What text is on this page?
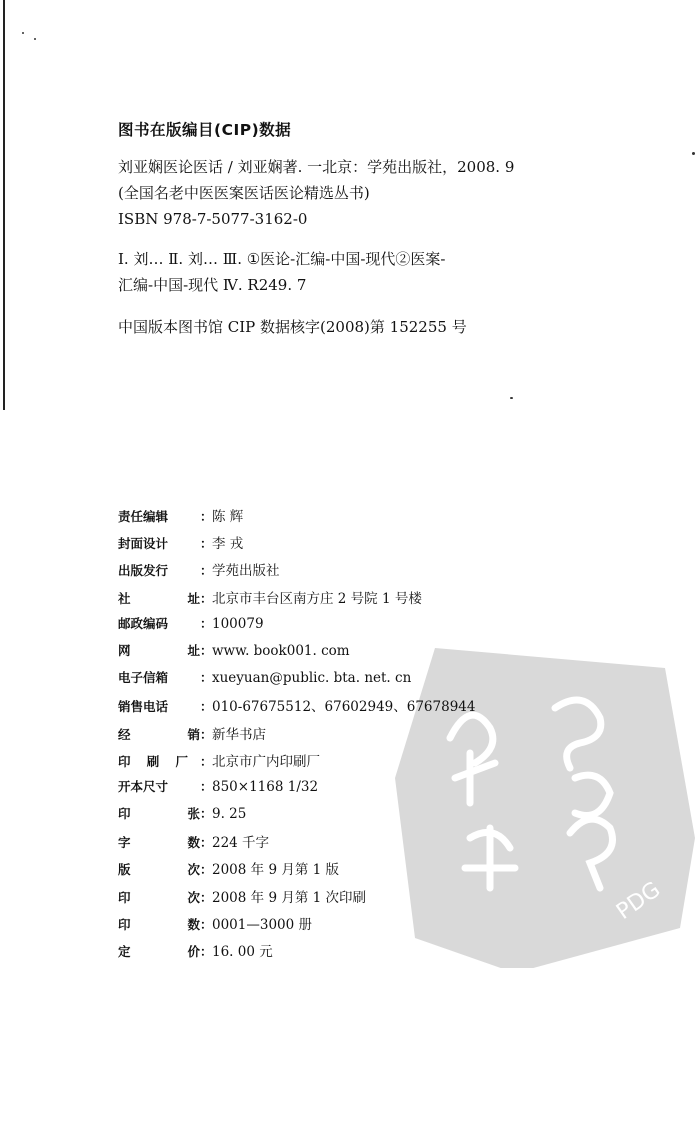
图书在版编目(CIP)数据
刘亚娴医论医话 / 刘亚娴著. 一北京：学苑出版社，2008. 9
(全国名老中医医案医话医论精选丛书)
ISBN 978-7-5077-3162-0
Ⅰ. 刘… Ⅱ. 刘… Ⅲ. ①医论-汇编-中国-现代②医案-
汇编-中国-现代 Ⅳ. R249. 7
中国版本图书馆 CIP 数据核字(2008)第 152255 号
PDG
责任编辑	： 陈 辉
封面设计	： 李 戎
出版发行	： 学苑出版社
社	址 ： 北京市丰台区南方庄 2 号院 1 号楼
邮政编码	： 100079
网	址 ： www. book001. com
电子信箱	： xueyuan@public. bta. net. cn
销售电话	： 010-67675512、67602949、67678944
经	销 ： 新华书店
印 刷 厂 ： 北京市广内印刷厂
开本尺寸	： 850×1168 1/32
印	张 ： 9. 25
字	数 ： 224 千字
版	次 ： 2008 年 9 月第 1 版
印	次 ： 2008 年 9 月第 1 次印刷
印	数 ： 0001—3000 册
定	价 ： 16. 00 元
